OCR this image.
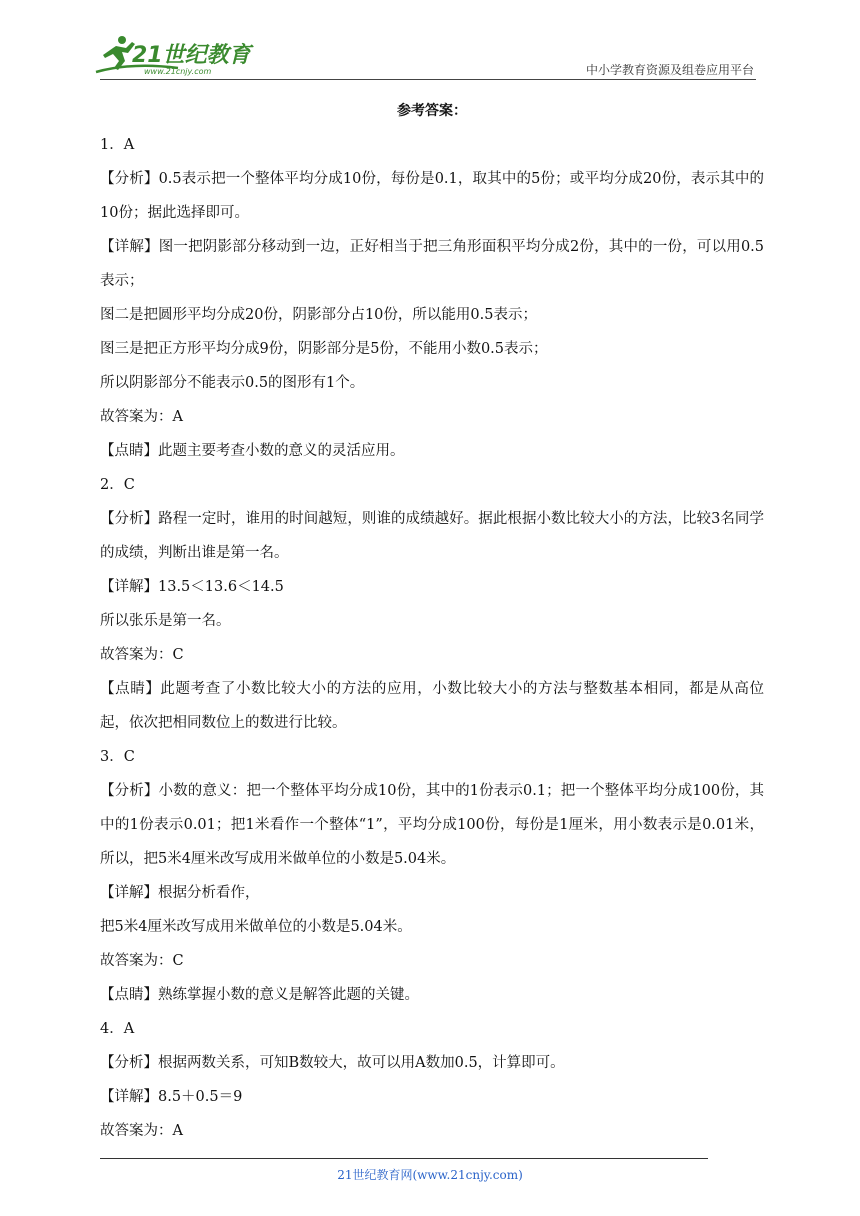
21世纪教育
www.21cnjy.com	中小学教育资源及组卷应用平台
参考答案：
1．A
【分析】0.5表示把一个整体平均分成10份，每份是0.1，取其中的5份；或平均分成20份，表示其中的10份；据此选择即可。
【详解】图一把阴影部分移动到一边，正好相当于把三角形面积平均分成2份，其中的一份，可以用0.5表示；
图二是把圆形平均分成20份，阴影部分占10份，所以能用0.5表示；
图三是把正方形平均分成9份，阴影部分是5份，不能用小数0.5表示；
所以阴影部分不能表示0.5的图形有1个。
故答案为：A
【点睛】此题主要考查小数的意义的灵活应用。
2．C
【分析】路程一定时，谁用的时间越短，则谁的成绩越好。据此根据小数比较大小的方法，比较3名同学的成绩，判断出谁是第一名。
【详解】13.5＜13.6＜14.5
所以张乐是第一名。
故答案为：C
【点睛】此题考查了小数比较大小的方法的应用，小数比较大小的方法与整数基本相同，都是从高位起，依次把相同数位上的数进行比较。
3．C
【分析】小数的意义：把一个整体平均分成10份，其中的1份表示0.1；把一个整体平均分成100份，其中的1份表示0.01；把1米看作一个整体“1”，平均分成100份，每份是1厘米，用小数表示是0.01米，所以，把5米4厘米改写成用米做单位的小数是5.04米。
【详解】根据分析看作，
把5米4厘米改写成用米做单位的小数是5.04米。
故答案为：C
【点睛】熟练掌握小数的意义是解答此题的关键。
4．A
【分析】根据两数关系，可知B数较大，故可以用A数加0.5，计算即可。
【详解】8.5＋0.5＝9
故答案为：A
21世纪教育网(www.21cnjy.com)
